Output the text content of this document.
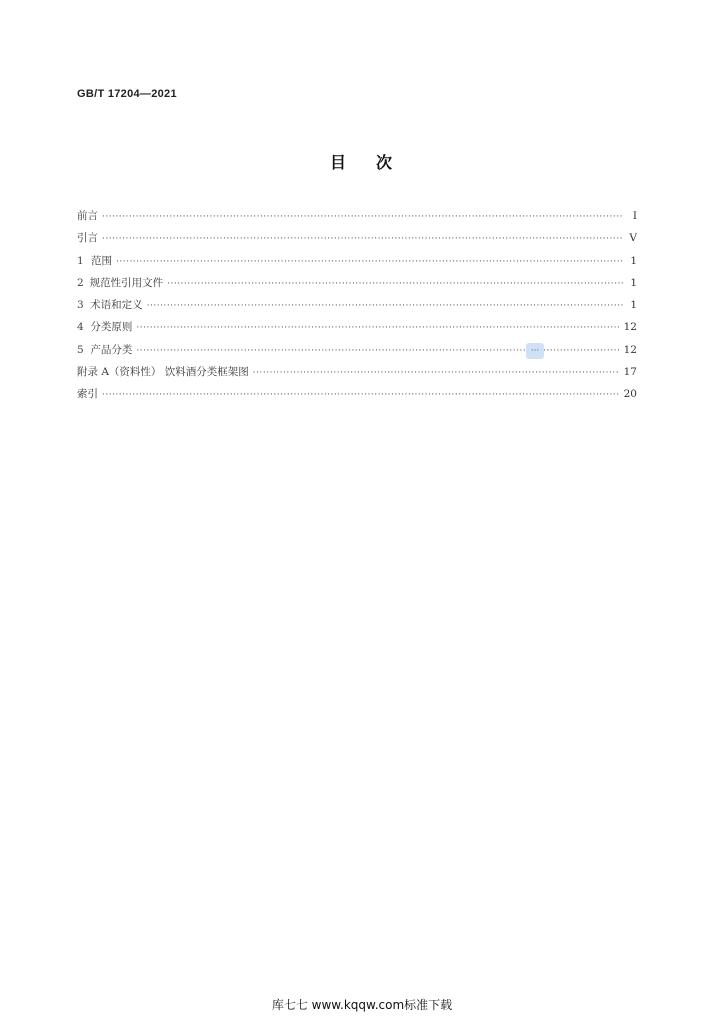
GB/T 17204—2021
目 次
前言 ·····	Ⅰ
引言 ·····	Ⅴ
1 范围 ·····	1
2 规范性引用文件 ·····	1
3 术语和定义 ·····	1
4 分类原则 ·····	12
5 产品分类 ·····	12
附录 A（资料性） 饮料酒分类框架图 ·····	17
索引 ·····	20
···
库七七 www.kqqw.com标准下载
